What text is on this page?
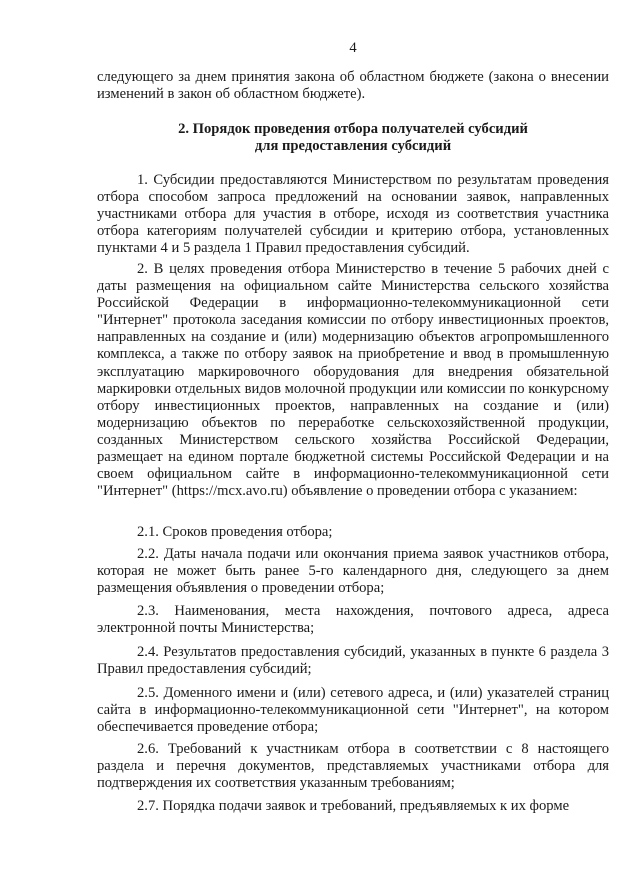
4

следующего за днем принятия закона об областном бюджете (закона о внесении изменений в закон об областном бюджете).

2. Порядок проведения отбора получателей субсидий

для предоставления субсидий

1. Субсидии предоставляются Министерством по результатам проведения отбора способом запроса предложений на основании заявок, направленных участниками отбора для участия в отборе, исходя из соответствия участника отбора категориям получателей субсидии и критерию отбора, установленных пунктами 4 и 5 раздела 1 Правил предоставления субсидий.

2. В целях проведения отбора Министерство в течение 5 рабочих дней с даты размещения на официальном сайте Министерства сельского хозяйства Российской Федерации в информационно-телекоммуникационной сети "Интернет" протокола заседания комиссии по отбору инвестиционных проектов, направленных на создание и (или) модернизацию объектов агропромышленного комплекса, а также по отбору заявок на приобретение и ввод в промышленную эксплуатацию маркировочного оборудования для внедрения обязательной маркировки отдельных видов молочной продукции или комиссии по конкурсному отбору инвестиционных проектов, направленных на создание и (или) модернизацию объектов по переработке сельскохозяйственной продукции, созданных Министерством сельского хозяйства Российской Федерации, размещает на едином портале бюджетной системы Российской Федерации и на своем официальном сайте в информационно-телекоммуникационной сети "Интернет" (https://mcx.avo.ru) объявление о проведении отбора с указанием:

2.1. Сроков проведения отбора;

2.2. Даты начала подачи или окончания приема заявок участников отбора, которая не может быть ранее 5-го календарного дня, следующего за днем размещения объявления о проведении отбора;

2.3. Наименования, места нахождения, почтового адреса, адреса электронной почты Министерства;

2.4. Результатов предоставления субсидий, указанных в пункте 6 раздела 3 Правил предоставления субсидий;

2.5. Доменного имени и (или) сетевого адреса, и (или) указателей страниц сайта в информационно-телекоммуникационной сети "Интернет", на котором обеспечивается проведение отбора;

2.6. Требований к участникам отбора в соответствии с 8 настоящего раздела и перечня документов, представляемых участниками отбора для подтверждения их соответствия указанным требованиям;

2.7. Порядка подачи заявок и требований, предъявляемых к их форме
